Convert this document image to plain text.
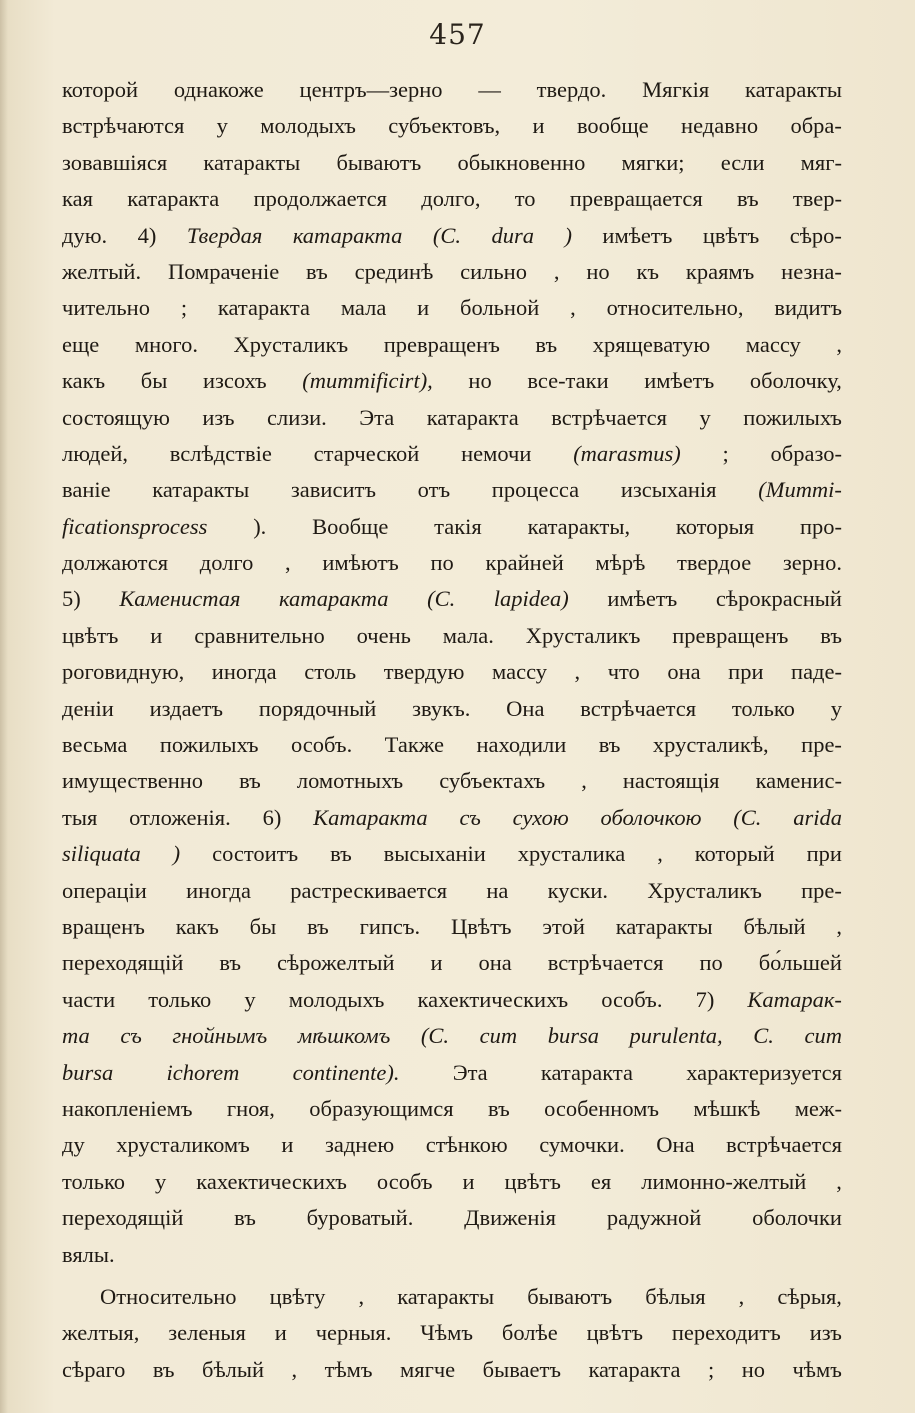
457
которой однакоже центръ—зерно — твердо. Мягкія катаракты
встрѣчаются у молодыхъ субъектовъ, и вообще недавно обра-
зовавшіяся катаракты бываютъ обыкновенно мягки; если мяг-
кая катаракта продолжается долго, то превращается въ твер-
дую. 4) Твердая катаракта (C. dura ) имѣетъ цвѣтъ сѣро-
желтый. Помраченіе въ срединѣ сильно , но къ краямъ незна-
чительно ; катаракта мала и больной , относительно, видитъ
еще много. Хрусталикъ превращенъ въ хрящеватую массу ,
какъ бы изсохъ (mummificirt), но все-таки имѣетъ оболочку,
состоящую изъ слизи. Эта катаракта встрѣчается у пожилыхъ
людей, вслѣдствіе старческой немочи (marasmus) ; образо-
ваніе катаракты зависитъ отъ процесса изсыханія (Mummi-
ficationsprocess ). Вообще такія катаракты, которыя про-
должаются долго , имѣютъ по крайней мѣрѣ твердое зерно.
5) Каменистая катаракта (C. lapidea) имѣетъ сѣрокрасный
цвѣтъ и сравнительно очень мала. Хрусталикъ превращенъ въ
роговидную, иногда столь твердую массу , что она при паде-
деніи издаетъ порядочный звукъ. Она встрѣчается только у
весьма пожилыхъ особъ. Также находили въ хрусталикѣ, пре-
имущественно въ ломотныхъ субъектахъ , настоящія каменис-
тыя отложенія. 6) Катаракта съ сухою оболочкою (C. arida
siliquata ) состоитъ въ высыханіи хрусталика , который при
операціи иногда растрескивается на куски. Хрусталикъ пре-
вращенъ какъ бы въ гипсъ. Цвѣтъ этой катаракты бѣлый ,
переходящій въ сѣрожелтый и она встрѣчается по бо́льшей
части только у молодыхъ кахектическихъ особъ. 7) Катарак-
та съ гнойнымъ мѣшкомъ (C. cum bursa purulenta, C. cum
bursa ichorem continente). Эта катаракта характеризуется
накопленіемъ гноя, образующимся въ особенномъ мѣшкѣ меж-
ду хрусталикомъ и заднею стѣнкою сумочки. Она встрѣчается
только у кахектическихъ особъ и цвѣтъ ея лимонно-желтый ,
переходящій въ буроватый. Движенія радужной оболочки
вялы.
Относительно цвѣту , катаракты бываютъ бѣлыя , сѣрыя,
желтыя, зеленыя и черныя. Чѣмъ болѣе цвѣтъ переходитъ изъ
сѣраго въ бѣлый , тѣмъ мягче бываетъ катаракта ; но чѣмъ
